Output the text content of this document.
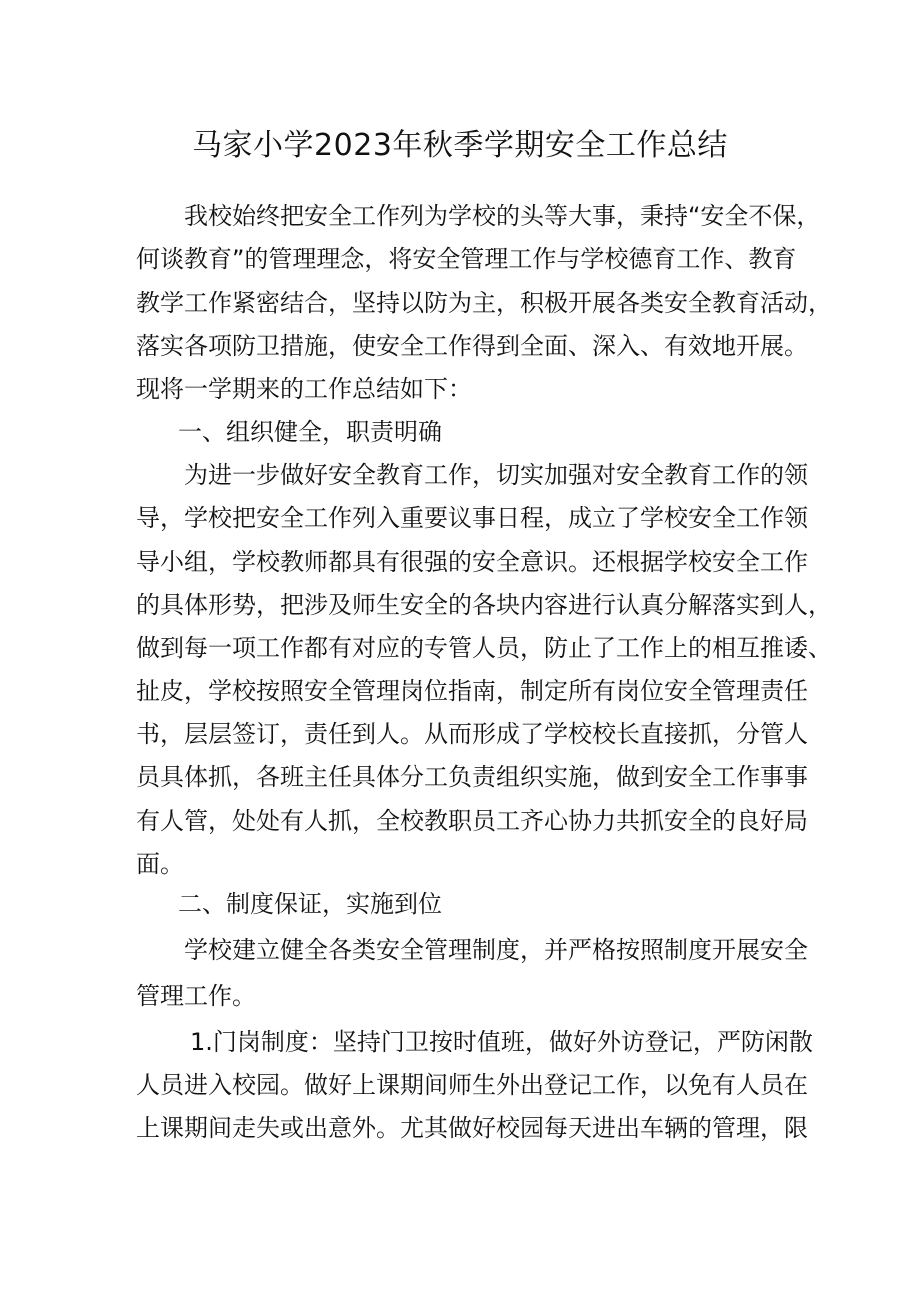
马家小学2023年秋季学期安全工作总结

我校始终把安全工作列为学校的头等大事，秉持“安全不保，

何谈教育”的管理理念，将安全管理工作与学校德育工作、教育

教学工作紧密结合，坚持以防为主，积极开展各类安全教育活动，

落实各项防卫措施，使安全工作得到全面、深入、有效地开展。

现将一学期来的工作总结如下：

一、组织健全，职责明确

为进一步做好安全教育工作，切实加强对安全教育工作的领

导，学校把安全工作列入重要议事日程，成立了学校安全工作领

导小组，学校教师都具有很强的安全意识。还根据学校安全工作

的具体形势，把涉及师生安全的各块内容进行认真分解落实到人，

做到每一项工作都有对应的专管人员，防止了工作上的相互推诿、

扯皮，学校按照安全管理岗位指南，制定所有岗位安全管理责任

书，层层签订，责任到人。从而形成了学校校长直接抓，分管人

员具体抓，各班主任具体分工负责组织实施，做到安全工作事事

有人管，处处有人抓，全校教职员工齐心协力共抓安全的良好局

面。

二、制度保证，实施到位

学校建立健全各类安全管理制度，并严格按照制度开展安全

管理工作。

1.门岗制度：坚持门卫按时值班，做好外访登记，严防闲散

人员进入校园。做好上课期间师生外出登记工作，以免有人员在

上课期间走失或出意外。尤其做好校园每天进出车辆的管理，限
